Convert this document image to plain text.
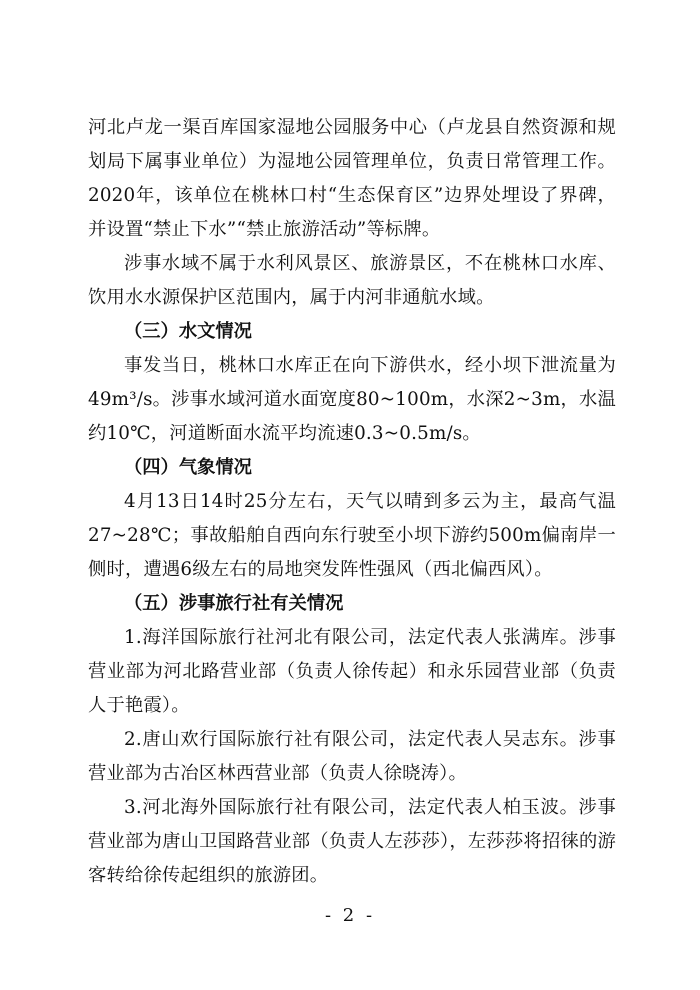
河北卢龙一渠百库国家湿地公园服务中心（卢龙县自然资源和规划局下属事业单位）为湿地公园管理单位，负责日常管理工作。2020年，该单位在桃林口村“生态保育区”边界处埋设了界碑，并设置“禁止下水”“禁止旅游活动”等标牌。

涉事水域不属于水利风景区、旅游景区，不在桃林口水库、饮用水水源保护区范围内，属于内河非通航水域。

（三）水文情况

事发当日，桃林口水库正在向下游供水，经小坝下泄流量为49m³/s。涉事水域河道水面宽度80~100m，水深2~3m，水温约10℃，河道断面水流平均流速0.3~0.5m/s。

（四）气象情况

4月13日14时25分左右，天气以晴到多云为主，最高气温27~28℃；事故船舶自西向东行驶至小坝下游约500m偏南岸一侧时，遭遇6级左右的局地突发阵性强风（西北偏西风）。

（五）涉事旅行社有关情况

1.海洋国际旅行社河北有限公司，法定代表人张满库。涉事营业部为河北路营业部（负责人徐传起）和永乐园营业部（负责人于艳霞）。

2.唐山欢行国际旅行社有限公司，法定代表人吴志东。涉事营业部为古冶区林西营业部（负责人徐晓涛）。

3.河北海外国际旅行社有限公司，法定代表人柏玉波。涉事营业部为唐山卫国路营业部（负责人左莎莎），左莎莎将招徕的游客转给徐传起组织的旅游团。

- 2 -
